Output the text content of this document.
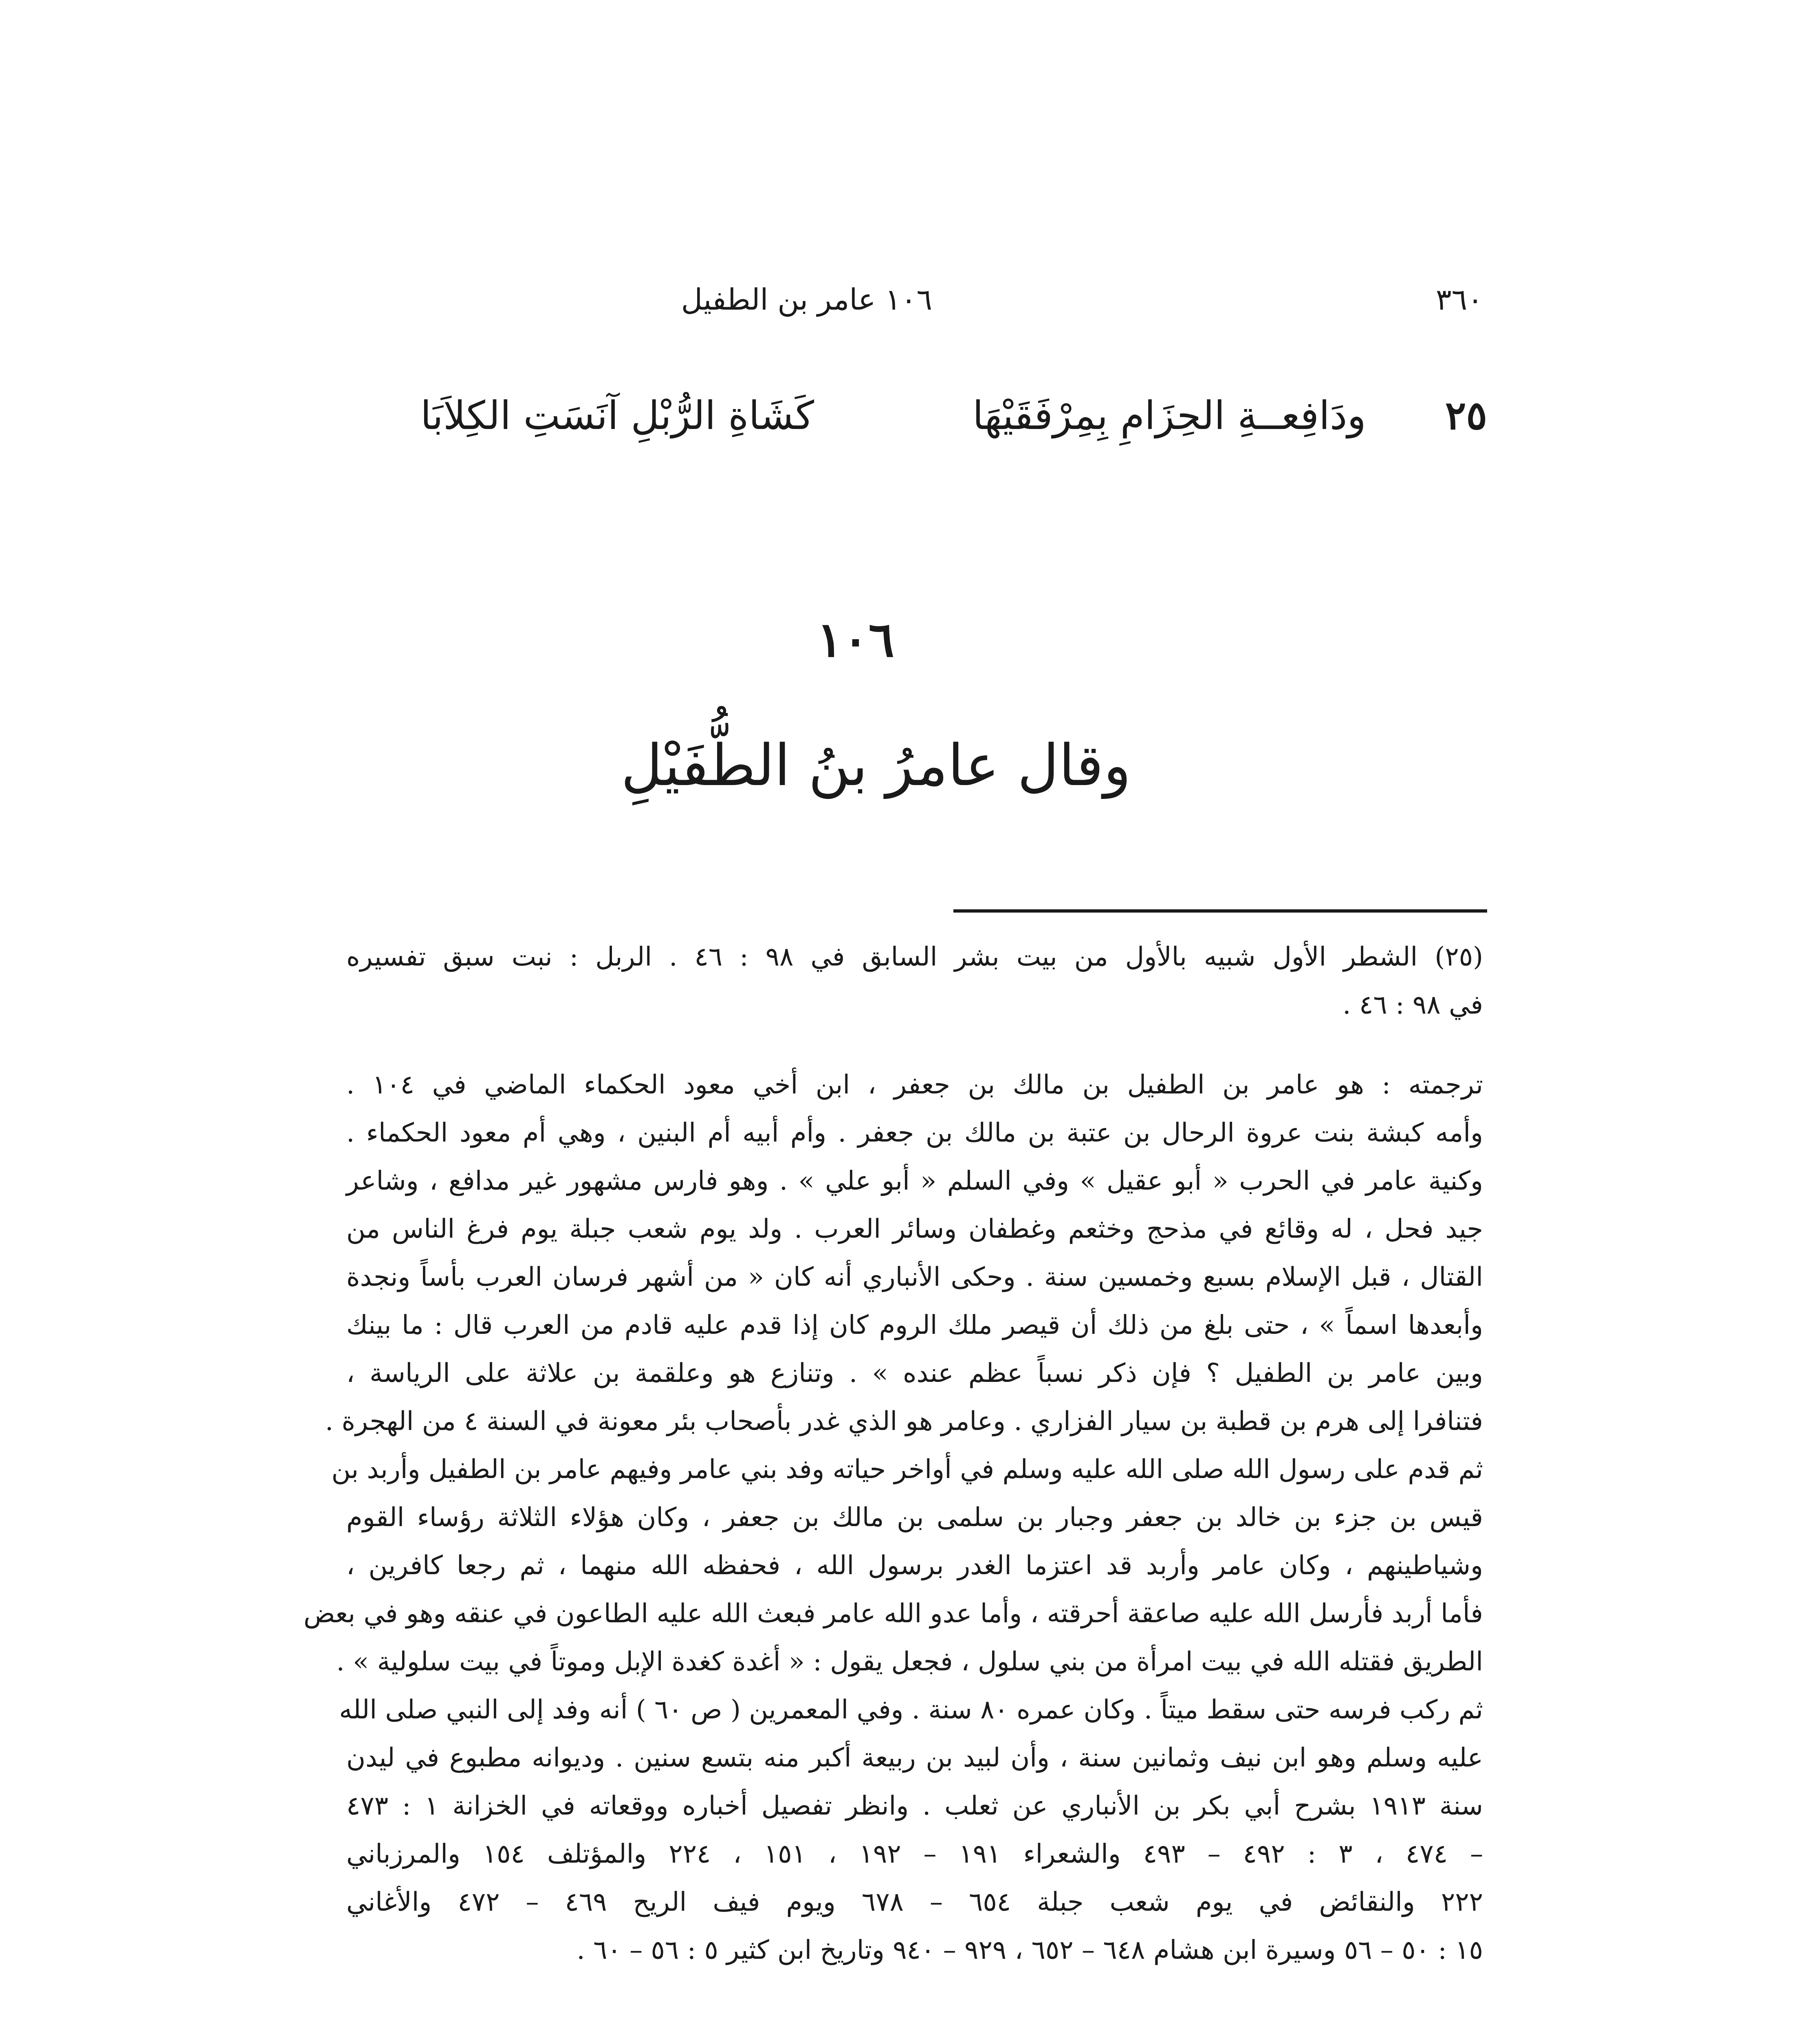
٣٦٠
١٠٦ عامر بن الطفيل
٢٥
ودَافِعــةِ الحِزَامِ بِمِرْفَقَيْهَا
كَشَاةِ الرُّبْلِ آنَسَتِ الكِلاَبَا
١٠٦
وقال عامرُ بنُ الطُّفَيْلِ
(٢٥) الشطر الأول شبيه بالأول من بيت بشر السابق في ٩٨ : ٤٦ . الربل : نبت سبق تفسيره
في ٩٨ : ٤٦ .
ترجمته : هو عامر بن الطفيل بن مالك بن جعفر ، ابن أخي معود الحكماء الماضي في ١٠٤ .
وأمه كبشة بنت عروة الرحال بن عتبة بن مالك بن جعفر . وأم أبيه أم البنين ، وهي أم معود الحكماء .
وكنية عامر في الحرب « أبو عقيل » وفي السلم « أبو علي » . وهو فارس مشهور غير مدافع ، وشاعر
جيد فحل ، له وقائع في مذحج وخثعم وغطفان وسائر العرب . ولد يوم شعب جبلة يوم فرغ الناس من
القتال ، قبل الإسلام بسبع وخمسين سنة . وحكى الأنباري أنه كان « من أشهر فرسان العرب بأساً ونجدة
وأبعدها اسماً » ، حتى بلغ من ذلك أن قيصر ملك الروم كان إذا قدم عليه قادم من العرب قال : ما بينك
وبين عامر بن الطفيل ؟ فإن ذكر نسباً عظم عنده » . وتنازع هو وعلقمة بن علاثة على الرياسة ،
فتنافرا إلى هرم بن قطبة بن سيار الفزاري . وعامر هو الذي غدر بأصحاب بئر معونة في السنة ٤ من الهجرة .
ثم قدم على رسول الله صلى الله عليه وسلم في أواخر حياته وفد بني عامر وفيهم عامر بن الطفيل وأربد بن
قيس بن جزء بن خالد بن جعفر وجبار بن سلمى بن مالك بن جعفر ، وكان هؤلاء الثلاثة رؤساء القوم
وشياطينهم ، وكان عامر وأربد قد اعتزما الغدر برسول الله ، فحفظه الله منهما ، ثم رجعا كافرين ،
فأما أربد فأرسل الله عليه صاعقة أحرقته ، وأما عدو الله عامر فبعث الله عليه الطاعون في عنقه وهو في بعض
الطريق فقتله الله في بيت امرأة من بني سلول ، فجعل يقول : « أغدة كغدة الإبل وموتاً في بيت سلولية » .
ثم ركب فرسه حتى سقط ميتاً . وكان عمره ٨٠ سنة . وفي المعمرين ( ص ٦٠ ) أنه وفد إلى النبي صلى الله
عليه وسلم وهو ابن نيف وثمانين سنة ، وأن لبيد بن ربيعة أكبر منه بتسع سنين . وديوانه مطبوع في ليدن
سنة ١٩١٣ بشرح أبي بكر بن الأنباري عن ثعلب . وانظر تفصيل أخباره ووقعاته في الخزانة ١ : ٤٧٣
– ٤٧٤ ، ٣ : ٤٩٢ – ٤٩٣ والشعراء ١٩١ – ١٩٢ ، ١٥١ ، ٢٢٤ والمؤتلف ١٥٤ والمرزباني
٢٢٢ والنقائض في يوم شعب جبلة ٦٥٤ – ٦٧٨ ويوم فيف الريح ٤٦٩ – ٤٧٢ والأغاني
١٥ : ٥٠ – ٥٦ وسيرة ابن هشام ٦٤٨ – ٦٥٢ ، ٩٢٩ – ٩٤٠ وتاريخ ابن كثير ٥ : ٥٦ – ٦٠ .
